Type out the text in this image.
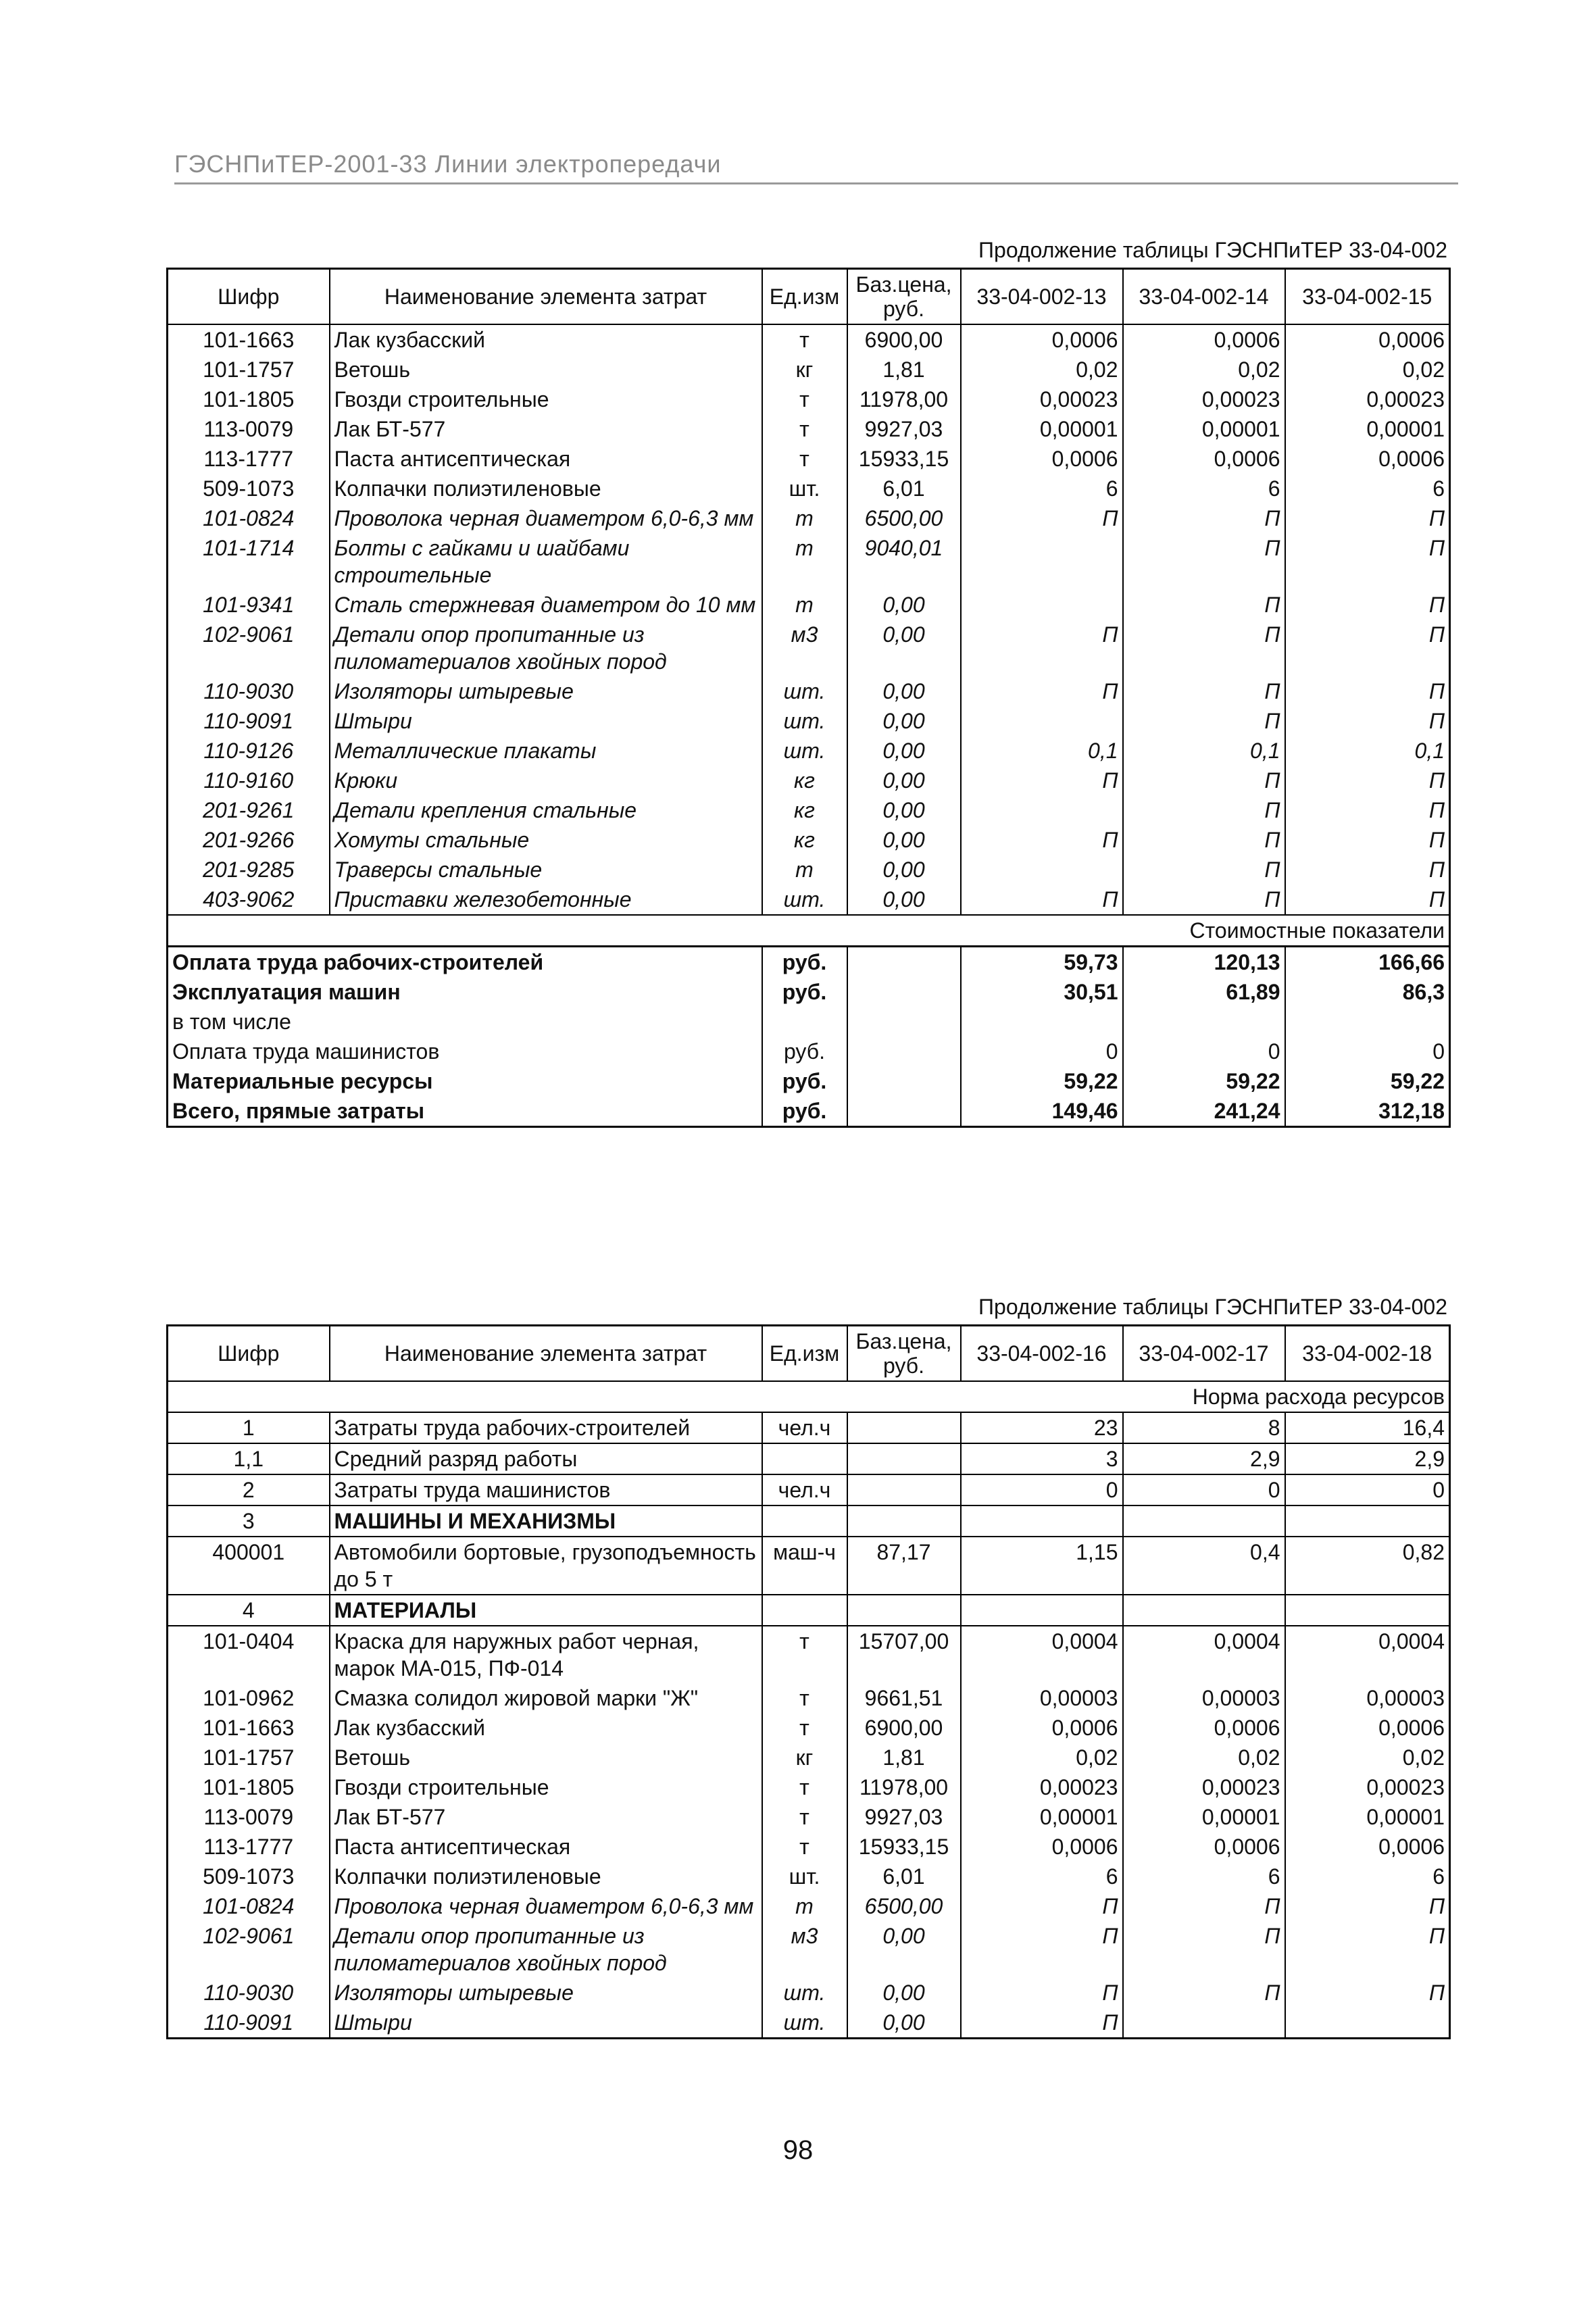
ГЭСНПиТЕР-2001-33 Линии электропередачи
Продолжение таблицы ГЭСНПиТЕР 33-04-002
Шифр	Наименование элемента затрат	Ед.изм	Баз.цена, руб.	33-04-002-13	33-04-002-14	33-04-002-15
101-1663	Лак кузбасский	т	6900,00	0,0006	0,0006	0,0006
101-1757	Ветошь	кг	1,81	0,02	0,02	0,02
101-1805	Гвозди строительные	т	11978,00	0,00023	0,00023	0,00023
113-0079	Лак БТ-577	т	9927,03	0,00001	0,00001	0,00001
113-1777	Паста антисептическая	т	15933,15	0,0006	0,0006	0,0006
509-1073	Колпачки полиэтиленовые	шт.	6,01	6	6	6
101-0824	Проволока черная диаметром 6,0-6,3 мм	т	6500,00	П	П	П
101-1714	Болты с гайками и шайбами строительные	т	9040,01		П	П
101-9341	Сталь стержневая диаметром до 10 мм	т	0,00		П	П
102-9061	Детали опор пропитанные из пиломатериалов хвойных пород	м3	0,00	П	П	П
110-9030	Изоляторы штыревые	шт.	0,00	П	П	П
110-9091	Штыри	шт.	0,00		П	П
110-9126	Металлические плакаты	шт.	0,00	0,1	0,1	0,1
110-9160	Крюки	кг	0,00	П	П	П
201-9261	Детали крепления стальные	кг	0,00		П	П
201-9266	Хомуты стальные	кг	0,00	П	П	П
201-9285	Траверсы стальные	т	0,00		П	П
403-9062	Приставки железобетонные	шт.	0,00	П	П	П
Стоимостные показатели						
Оплата труда рабочих-строителей		руб.		59,73	120,13	166,66
Эксплуатация машин		руб.		30,51	61,89	86,3
в том числе						
Оплата труда машинистов		руб.		0	0	0
Материальные ресурсы		руб.		59,22	59,22	59,22
Всего, прямые затраты		руб.		149,46	241,24	312,18
Продолжение таблицы ГЭСНПиТЕР 33-04-002
Шифр	Наименование элемента затрат	Ед.изм	Баз.цена, руб.	33-04-002-16	33-04-002-17	33-04-002-18
Норма расхода ресурсов						
1	Затраты труда рабочих-строителей	чел.ч		23	8	16,4
1,1	Средний разряд работы			3	2,9	2,9
2	Затраты труда машинистов	чел.ч		0	0	0
3	МАШИНЫ И МЕХАНИЗМЫ					
400001	Автомобили бортовые, грузоподъемность до 5 т	маш-ч	87,17	1,15	0,4	0,82
4	МАТЕРИАЛЫ					
101-0404	Краска для наружных работ черная, марок МА-015, ПФ-014	т	15707,00	0,0004	0,0004	0,0004
101-0962	Смазка солидол жировой марки "Ж"	т	9661,51	0,00003	0,00003	0,00003
101-1663	Лак кузбасский	т	6900,00	0,0006	0,0006	0,0006
101-1757	Ветошь	кг	1,81	0,02	0,02	0,02
101-1805	Гвозди строительные	т	11978,00	0,00023	0,00023	0,00023
113-0079	Лак БТ-577	т	9927,03	0,00001	0,00001	0,00001
113-1777	Паста антисептическая	т	15933,15	0,0006	0,0006	0,0006
509-1073	Колпачки полиэтиленовые	шт.	6,01	6	6	6
101-0824	Проволока черная диаметром 6,0-6,3 мм	т	6500,00	П	П	П
102-9061	Детали опор пропитанные из пиломатериалов хвойных пород	м3	0,00	П	П	П
110-9030	Изоляторы штыревые	шт.	0,00	П	П	П
110-9091	Штыри	шт.	0,00	П		
98
